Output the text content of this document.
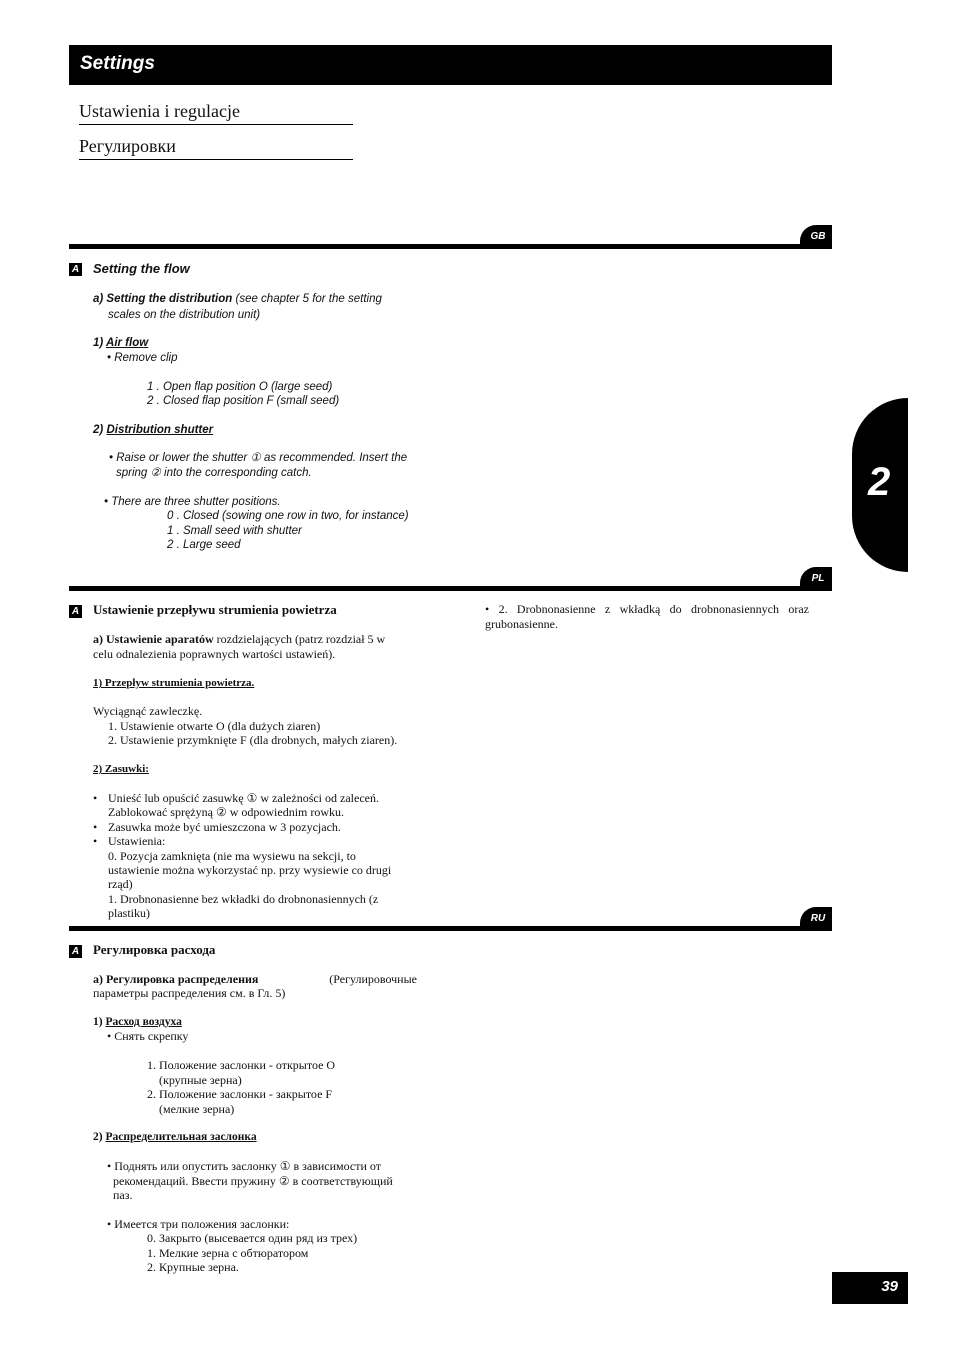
Settings
Ustawienia i regulacje
Регулировки
2
GB
A Setting the flow
a) Setting the distribution (see chapter 5 for the setting
scales on the distribution unit)
1) Air flow
• Remove clip
1 . Open flap position O (large seed)
2 . Closed flap position F (small seed)
2) Distribution shutter
• Raise or lower the shutter ① as recommended. Insert the
spring ② into the corresponding catch.
• There are three shutter positions.
0 . Closed (sowing one row in two, for instance)
1 . Small seed with shutter
2 . Large seed
PL
A Ustawienie przepływu strumienia powietrza
a) Ustawienie aparatów rozdzielających (patrz rozdział 5 w
celu odnalezienia poprawnych wartości ustawień).
1) Przepływ strumienia powietrza.
Wyciągnąć zawleczkę.
1. Ustawienie otwarte O (dla dużych ziaren)
2. Ustawienie przymknięte F (dla drobnych, małych ziaren).
2) Zasuwki:
• Unieść lub opuścić zasuwkę ① w zależności od zaleceń.
Zablokować sprężyną ② w odpowiednim rowku.
• Zasuwka może być umieszczona w 3 pozycjach.
• Ustawienia:
0. Pozycja zamknięta (nie ma wysiewu na sekcji, to
ustawienie można wykorzystać np. przy wysiewie co drugi
rząd)
1. Drobnonasienne bez wkładki do drobnonasiennych (z
plastiku)
• 2. Drobnonasienne z wkładką do drobnonasiennych oraz grubonasienne.
RU
A Регулировка расхода
a) Регулировка распределения	(Регулировочные
параметры распределения см. в Гл. 5)
1) Расход воздуха
• Снять скрепку
1. Положение заслонки - открытое O
(крупные зерна)
2. Положение заслонки - закрытое F
(мелкие зерна)
2) Распределительная заслонка
• Поднять или опустить заслонку ① в зависимости от
рекомендаций. Ввести пружину ② в соответствующий
паз.
• Имеется три положения заслонки:
0. Закрыто (высевается один ряд из трех)
1. Мелкие зерна с обтюратором
2. Крупные зерна.
39
